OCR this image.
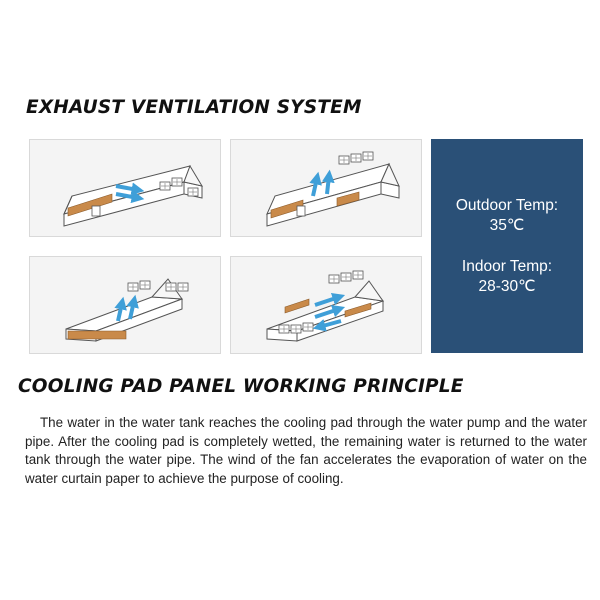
EXHAUST VENTILATION SYSTEM
Outdoor Temp:
35℃
Indoor Temp:
28-30℃
COOLING PAD PANEL WORKING PRINCIPLE

The water in the water tank reaches the cooling pad through the water pump and the water pipe. After the cooling pad is completely wetted, the remaining water is returned to the water tank through the water pipe. The wind of the fan accelerates the evaporation of water on the water curtain paper to achieve the purpose of cooling.
